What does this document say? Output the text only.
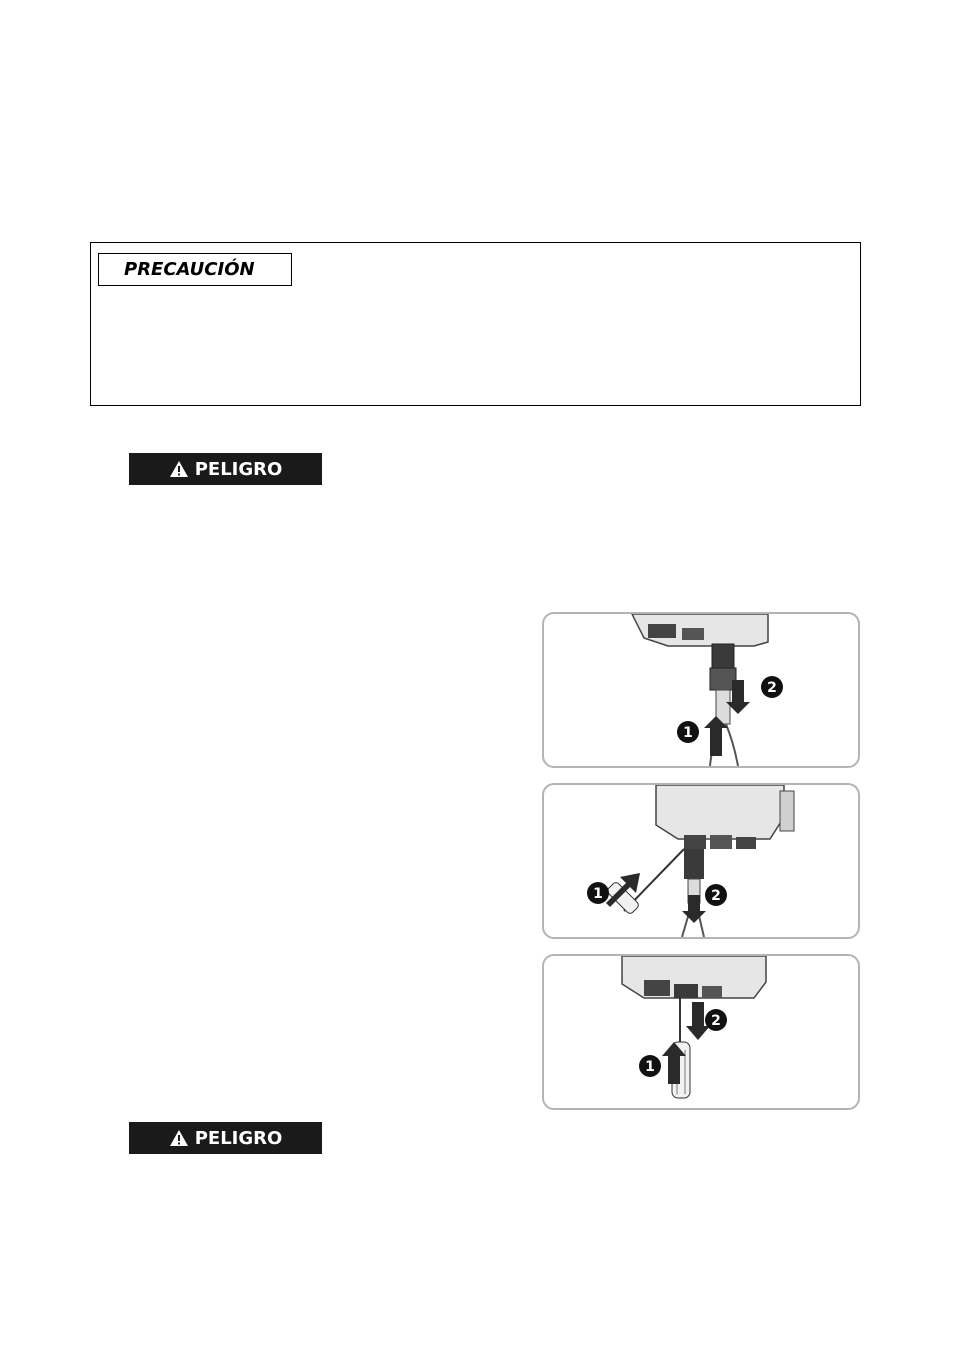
PRECAUCIÓN
PELIGRO
2
1
1	2
2
1
PELIGRO
